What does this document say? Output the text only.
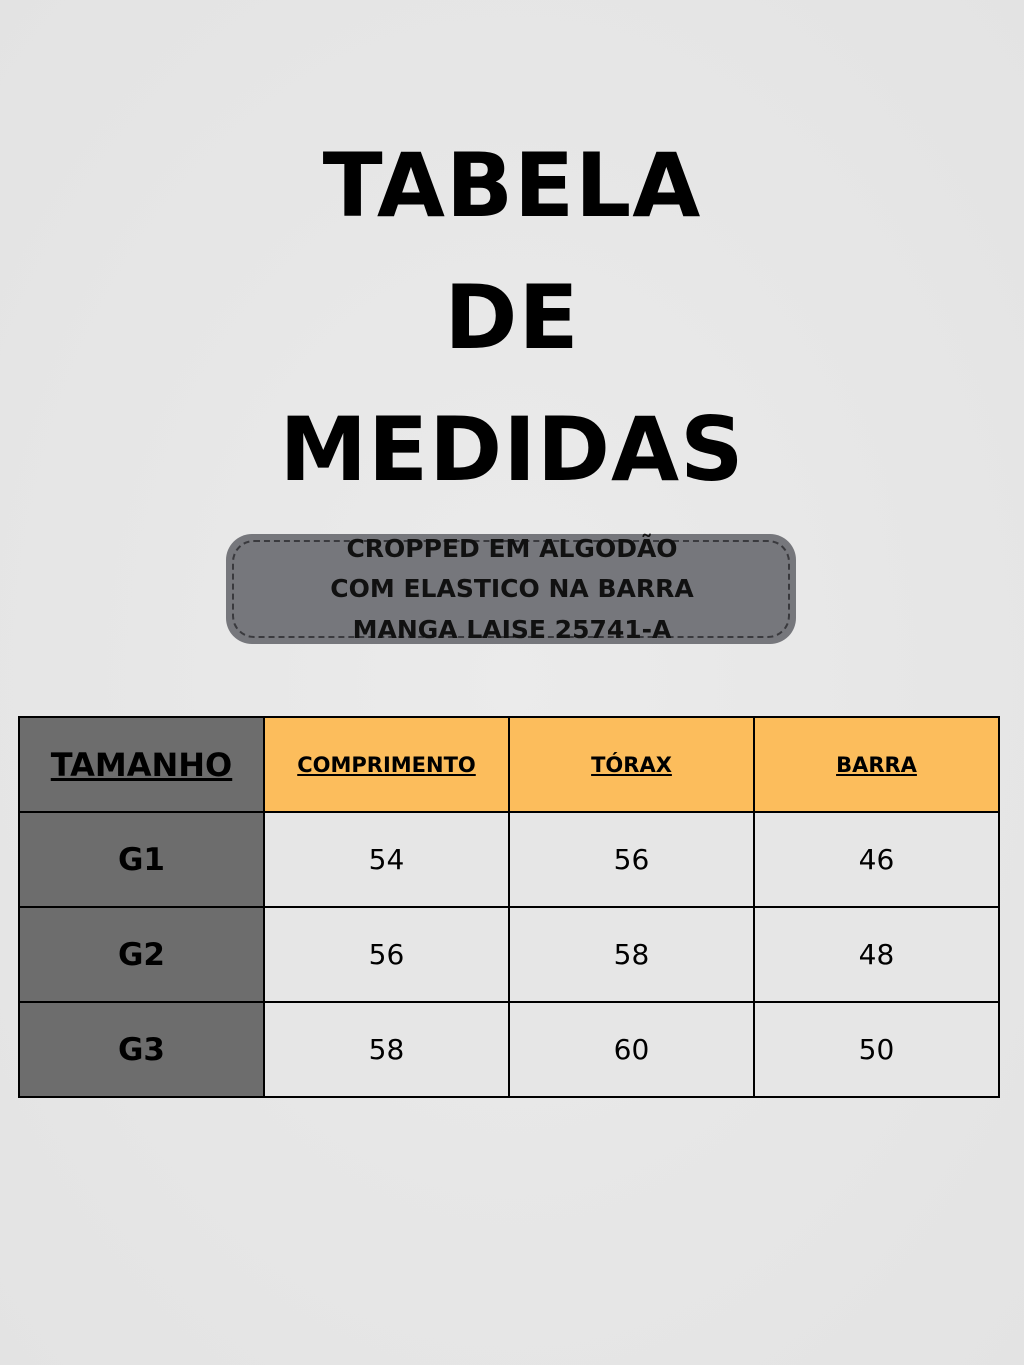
TABELA
DE
MEDIDAS
CROPPED EM ALGODÃO
COM ELASTICO NA BARRA
MANGA LAISE 25741-A
TAMANHO	COMPRIMENTO	TÓRAX	BARRA
G1	54	56	46
G2	56	58	48
G3	58	60	50
